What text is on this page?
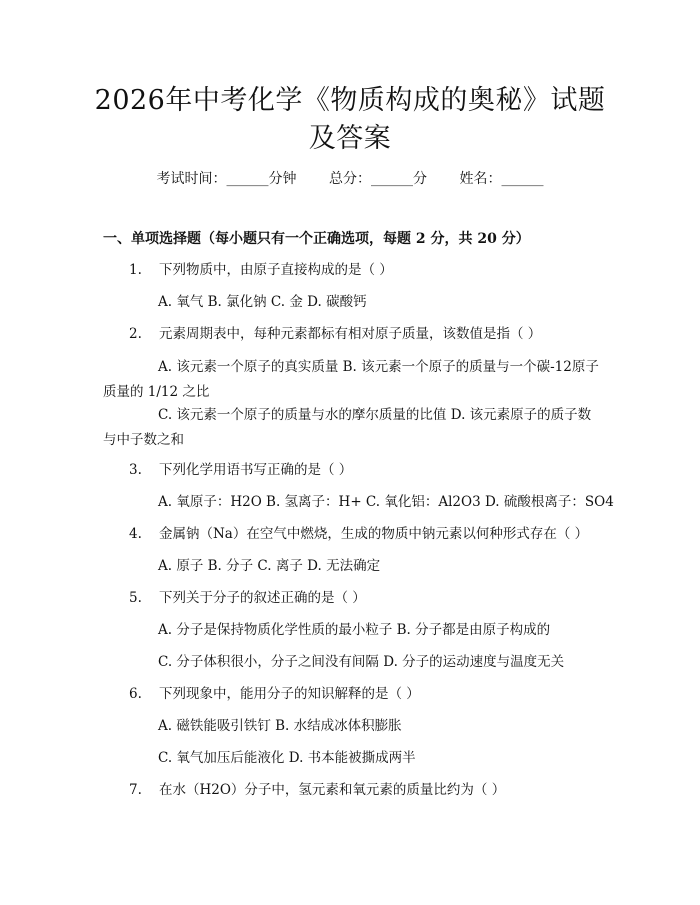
2026年中考化学《物质构成的奥秘》试题及答案
考试时间：______分钟 总分：______分 姓名：______
一、单项选择题（每小题只有一个正确选项，每题 2 分，共 20 分）
1. 下列物质中，由原子直接构成的是（ ）
A. 氧气 B. 氯化钠 C. 金 D. 碳酸钙
2. 元素周期表中，每种元素都标有相对原子质量，该数值是指（ ）
A. 该元素一个原子的真实质量 B. 该元素一个原子的质量与一个碳-12原子质量的 1/12 之比
C. 该元素一个原子的质量与水的摩尔质量的比值 D. 该元素原子的质子数与中子数之和
3. 下列化学用语书写正确的是（ ）
A. 氧原子：H2O B. 氢离子：H+ C. 氧化铝：Al2O3 D. 硫酸根离子：SO4
4. 金属钠（Na）在空气中燃烧，生成的物质中钠元素以何种形式存在（ ）
A. 原子 B. 分子 C. 离子 D. 无法确定
5. 下列关于分子的叙述正确的是（ ）
A. 分子是保持物质化学性质的最小粒子 B. 分子都是由原子构成的
C. 分子体积很小，分子之间没有间隔 D. 分子的运动速度与温度无关
6. 下列现象中，能用分子的知识解释的是（ ）
A. 磁铁能吸引铁钉 B. 水结成冰体积膨胀
C. 氧气加压后能液化 D. 书本能被撕成两半
7. 在水（H2O）分子中，氢元素和氧元素的质量比约为（ ）
